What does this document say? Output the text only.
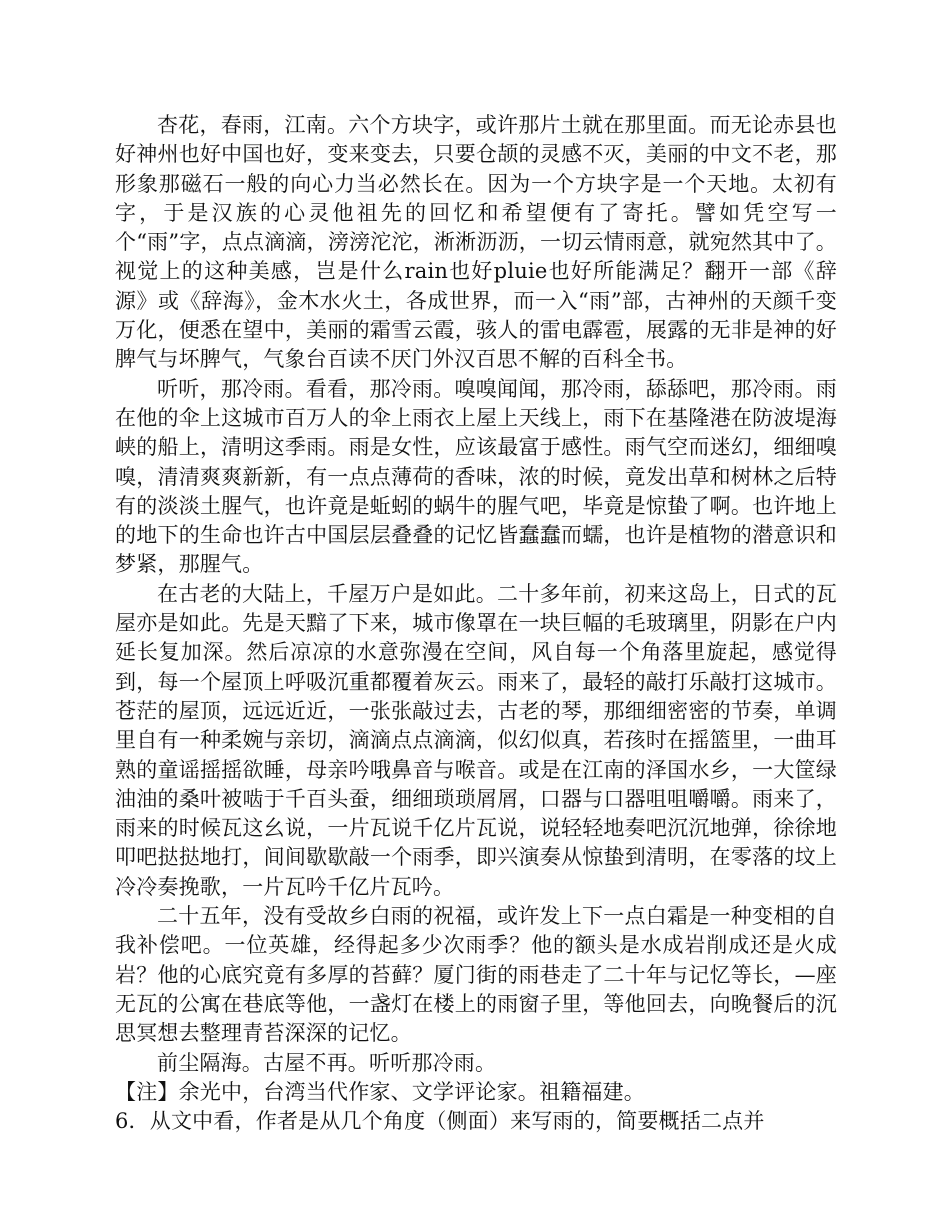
杏花，春雨，江南。六个方块字，或许那片土就在那里面。而无论赤县也好神州也好中国也好，变来变去，只要仓颉的灵感不灭，美丽的中文不老，那形象那磁石一般的向心力当必然长在。因为一个方块字是一个天地。太初有字，于是汉族的心灵他祖先的回忆和希望便有了寄托。譬如凭空写一个“雨”字，点点滴滴，滂滂沱沱，淅淅沥沥，一切云情雨意，就宛然其中了。视觉上的这种美感，岂是什么rain也好pluie也好所能满足？翻开一部《辞源》或《辞海》，金木水火土，各成世界，而一入“雨”部，古神州的天颜千变万化，便悉在望中，美丽的霜雪云霞，骇人的雷电霹雹，展露的无非是神的好脾气与坏脾气，气象台百读不厌门外汉百思不解的百科全书。

听听，那冷雨。看看，那冷雨。嗅嗅闻闻，那冷雨，舔舔吧，那冷雨。雨在他的伞上这城市百万人的伞上雨衣上屋上天线上，雨下在基隆港在防波堤海峡的船上，清明这季雨。雨是女性，应该最富于感性。雨气空而迷幻，细细嗅嗅，清清爽爽新新，有一点点薄荷的香味，浓的时候，竟发出草和树林之后特有的淡淡土腥气，也许竟是蚯蚓的蜗牛的腥气吧，毕竟是惊蛰了啊。也许地上的地下的生命也许古中国层层叠叠的记忆皆蠢蠢而蠕，也许是植物的潜意识和梦紧，那腥气。

在古老的大陆上，千屋万户是如此。二十多年前，初来这岛上，日式的瓦屋亦是如此。先是天黯了下来，城市像罩在一块巨幅的毛玻璃里，阴影在户内延长复加深。然后凉凉的水意弥漫在空间，风自每一个角落里旋起，感觉得到，每一个屋顶上呼吸沉重都覆着灰云。雨来了，最轻的敲打乐敲打这城市。苍茫的屋顶，远远近近，一张张敲过去，古老的琴，那细细密密的节奏，单调里自有一种柔婉与亲切，滴滴点点滴滴，似幻似真，若孩时在摇篮里，一曲耳熟的童谣摇摇欲睡，母亲吟哦鼻音与喉音。或是在江南的泽国水乡，一大筐绿油油的桑叶被啮于千百头蚕，细细琐琐屑屑，口器与口器咀咀嚼嚼。雨来了，雨来的时候瓦这幺说，一片瓦说千亿片瓦说，说轻轻地奏吧沉沉地弹，徐徐地叩吧挞挞地打，间间歇歇敲一个雨季，即兴演奏从惊蛰到清明，在零落的坟上冷冷奏挽歌，一片瓦吟千亿片瓦吟。

二十五年，没有受故乡白雨的祝福，或许发上下一点白霜是一种变相的自我补偿吧。一位英雄，经得起多少次雨季？他的额头是水成岩削成还是火成岩？他的心底究竟有多厚的苔藓？厦门街的雨巷走了二十年与记忆等长，—座无瓦的公寓在巷底等他，一盏灯在楼上的雨窗子里，等他回去，向晚餐后的沉思冥想去整理青苔深深的记忆。

前尘隔海。古屋不再。听听那冷雨。

【注】余光中，台湾当代作家、文学评论家。祖籍福建。

6．从文中看，作者是从几个角度（侧面）来写雨的，简要概括二点并
